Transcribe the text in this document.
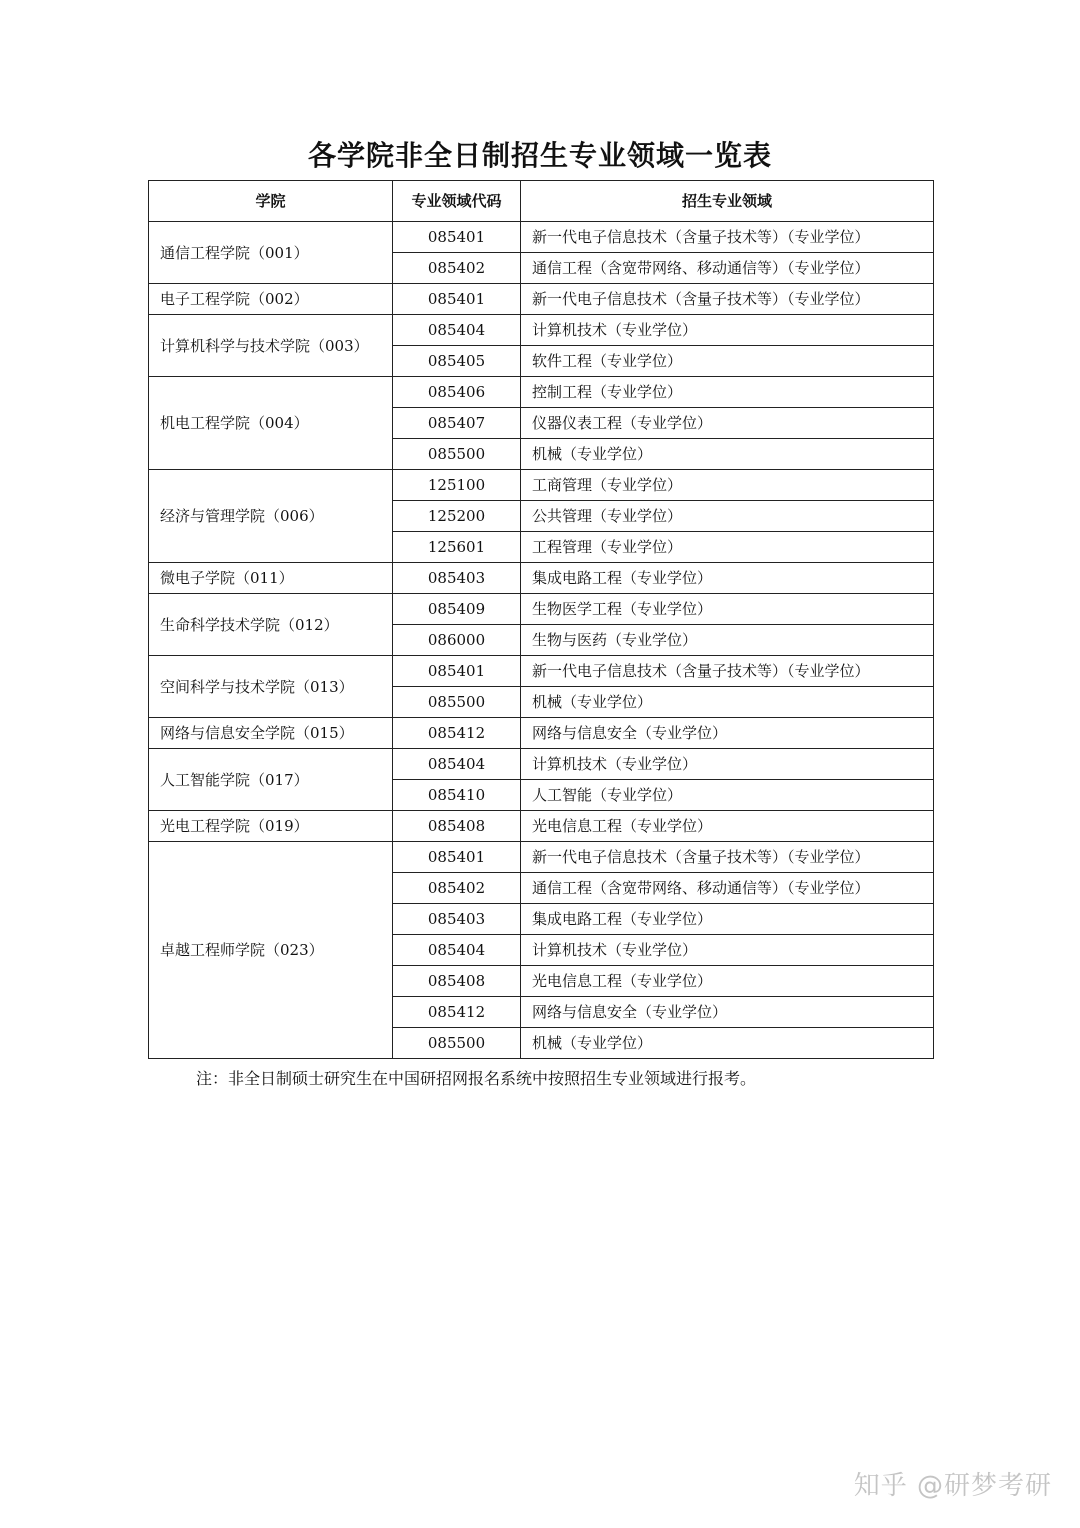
各学院非全日制招生专业领域一览表
学院	专业领域代码	招生专业领域
通信工程学院（001）	085401	新一代电子信息技术（含量子技术等）（专业学位）
	085402	通信工程（含宽带网络、移动通信等）（专业学位）
电子工程学院（002）	085401	新一代电子信息技术（含量子技术等）（专业学位）
计算机科学与技术学院（003）	085404	计算机技术（专业学位）
	085405	软件工程（专业学位）
机电工程学院（004）	085406	控制工程（专业学位）
	085407	仪器仪表工程（专业学位）
	085500	机械（专业学位）
经济与管理学院（006）	125100	工商管理（专业学位）
	125200	公共管理（专业学位）
	125601	工程管理（专业学位）
微电子学院（011）	085403	集成电路工程（专业学位）
生命科学技术学院（012）	085409	生物医学工程（专业学位）
	086000	生物与医药（专业学位）
空间科学与技术学院（013）	085401	新一代电子信息技术（含量子技术等）（专业学位）
	085500	机械（专业学位）
网络与信息安全学院（015）	085412	网络与信息安全（专业学位）
人工智能学院（017）	085404	计算机技术（专业学位）
	085410	人工智能（专业学位）
光电工程学院（019）	085408	光电信息工程（专业学位）
卓越工程师学院（023）	085401	新一代电子信息技术（含量子技术等）（专业学位）
	085402	通信工程（含宽带网络、移动通信等）（专业学位）
	085403	集成电路工程（专业学位）
	085404	计算机技术（专业学位）
	085408	光电信息工程（专业学位）
	085412	网络与信息安全（专业学位）
	085500	机械（专业学位）

注：非全日制硕士研究生在中国研招网报名系统中按照招生专业领域进行报考。

知乎 @研梦考研
